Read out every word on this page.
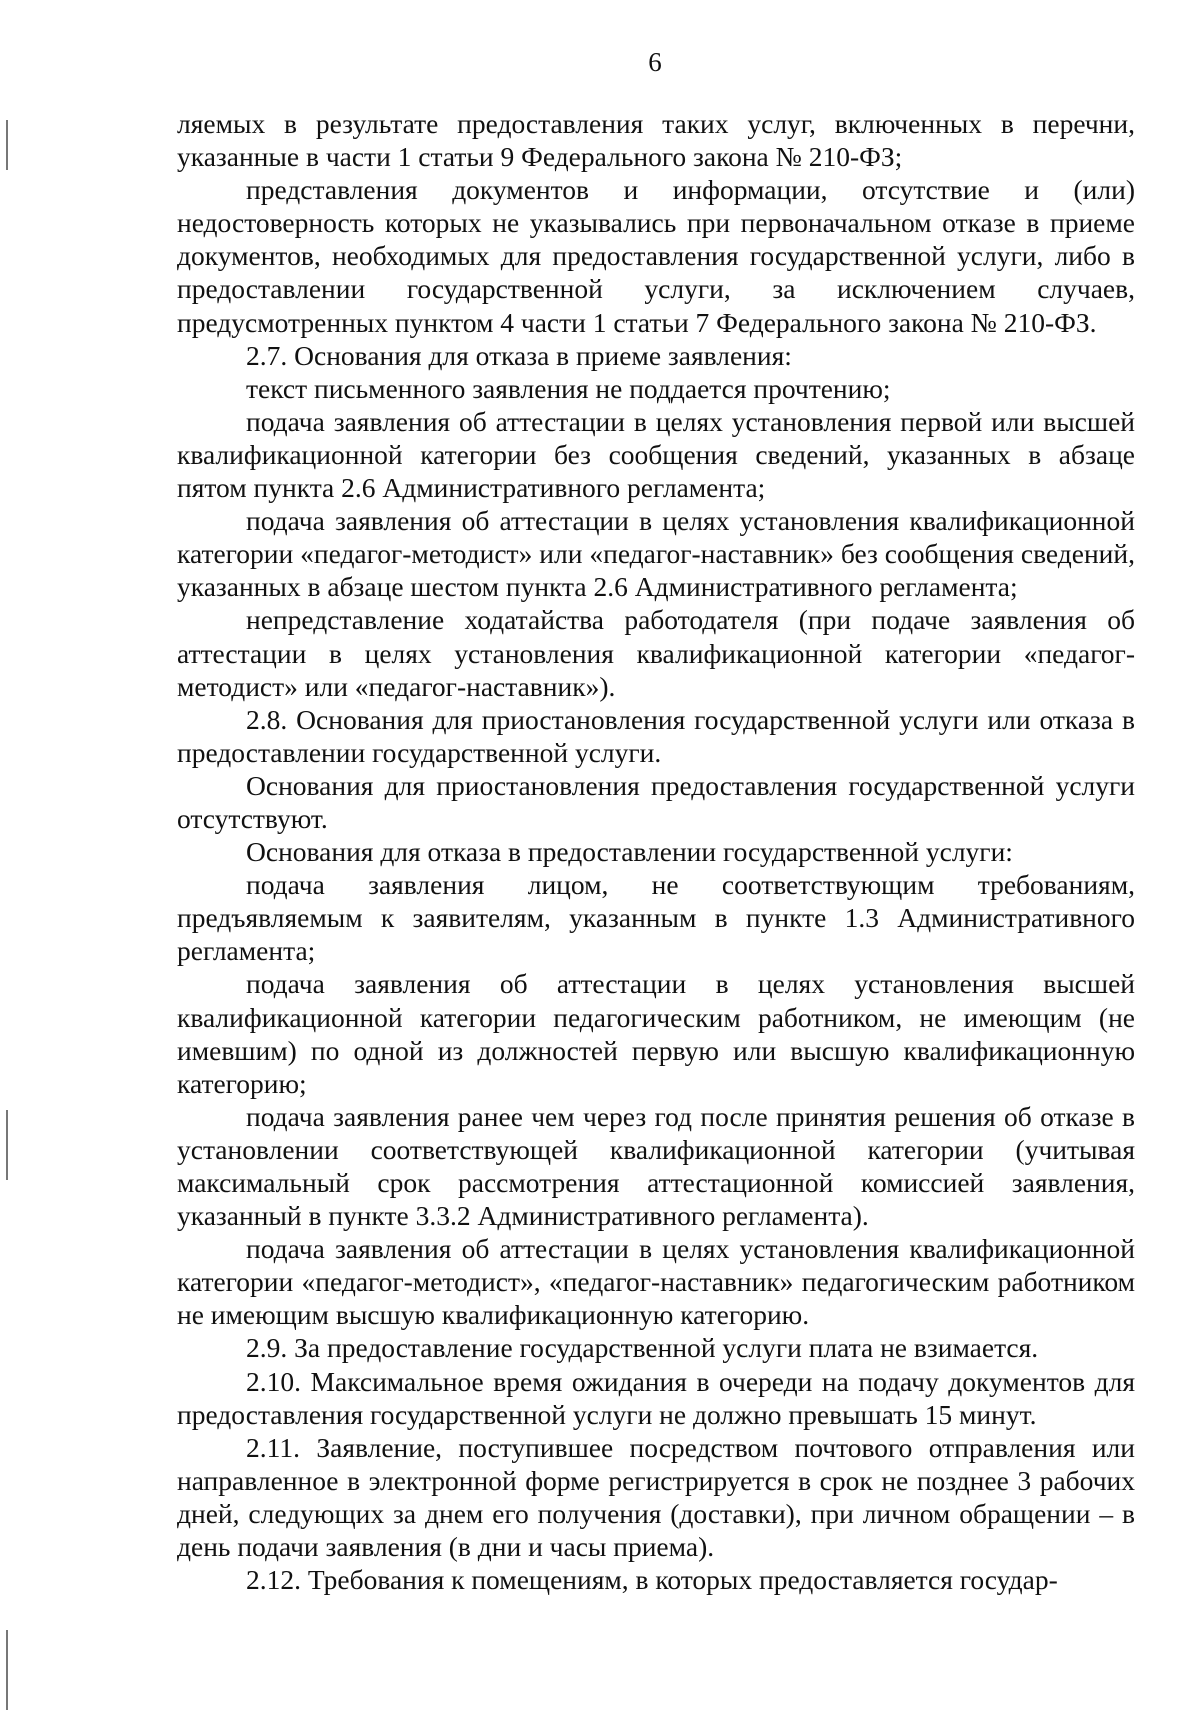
6

ляемых в результате предоставления таких услуг, включенных в перечни, указанные в части 1 статьи 9 Федерального закона № 210-ФЗ;

представления документов и информации, отсутствие и (или) недостоверность которых не указывались при первоначальном отказе в приеме документов, необходимых для предоставления государственной услуги, либо в предоставлении государственной услуги, за исключением случаев, предусмотренных пунктом 4 части 1 статьи 7 Федерального закона № 210-ФЗ.

2.7. Основания для отказа в приеме заявления:

текст письменного заявления не поддается прочтению;

подача заявления об аттестации в целях установления первой или высшей квалификационной категории без сообщения сведений, указанных в абзаце пятом пункта 2.6 Административного регламента;

подача заявления об аттестации в целях установления квалификационной категории «педагог-методист» или «педагог-наставник» без сообщения сведений, указанных в абзаце шестом пункта 2.6 Административного регламента;

непредставление ходатайства работодателя (при подаче заявления об аттестации в целях установления квалификационной категории «педагог-методист» или «педагог-наставник»).

2.8. Основания для приостановления государственной услуги или отказа в предоставлении государственной услуги.

Основания для приостановления предоставления государственной услуги отсутствуют.

Основания для отказа в предоставлении государственной услуги:

подача заявления лицом, не соответствующим требованиям, предъявляемым к заявителям, указанным в пункте 1.3 Административного регламента;

подача заявления об аттестации в целях установления высшей квалификационной категории педагогическим работником, не имеющим (не имевшим) по одной из должностей первую или высшую квалификационную категорию;

подача заявления ранее чем через год после принятия решения об отказе в установлении соответствующей квалификационной категории (учитывая максимальный срок рассмотрения аттестационной комиссией заявления, указанный в пункте 3.3.2 Административного регламента).

подача заявления об аттестации в целях установления квалификационной категории «педагог-методист», «педагог-наставник» педагогическим работником не имеющим высшую квалификационную категорию.

2.9. За предоставление государственной услуги плата не взимается.

2.10. Максимальное время ожидания в очереди на подачу документов для предоставления государственной услуги не должно превышать 15 минут.

2.11. Заявление, поступившее посредством почтового отправления или направленное в электронной форме регистрируется в срок не позднее 3 рабочих дней, следующих за днем его получения (доставки), при личном обращении – в день подачи заявления (в дни и часы приема).

2.12. Требования к помещениям, в которых предоставляется государ-
